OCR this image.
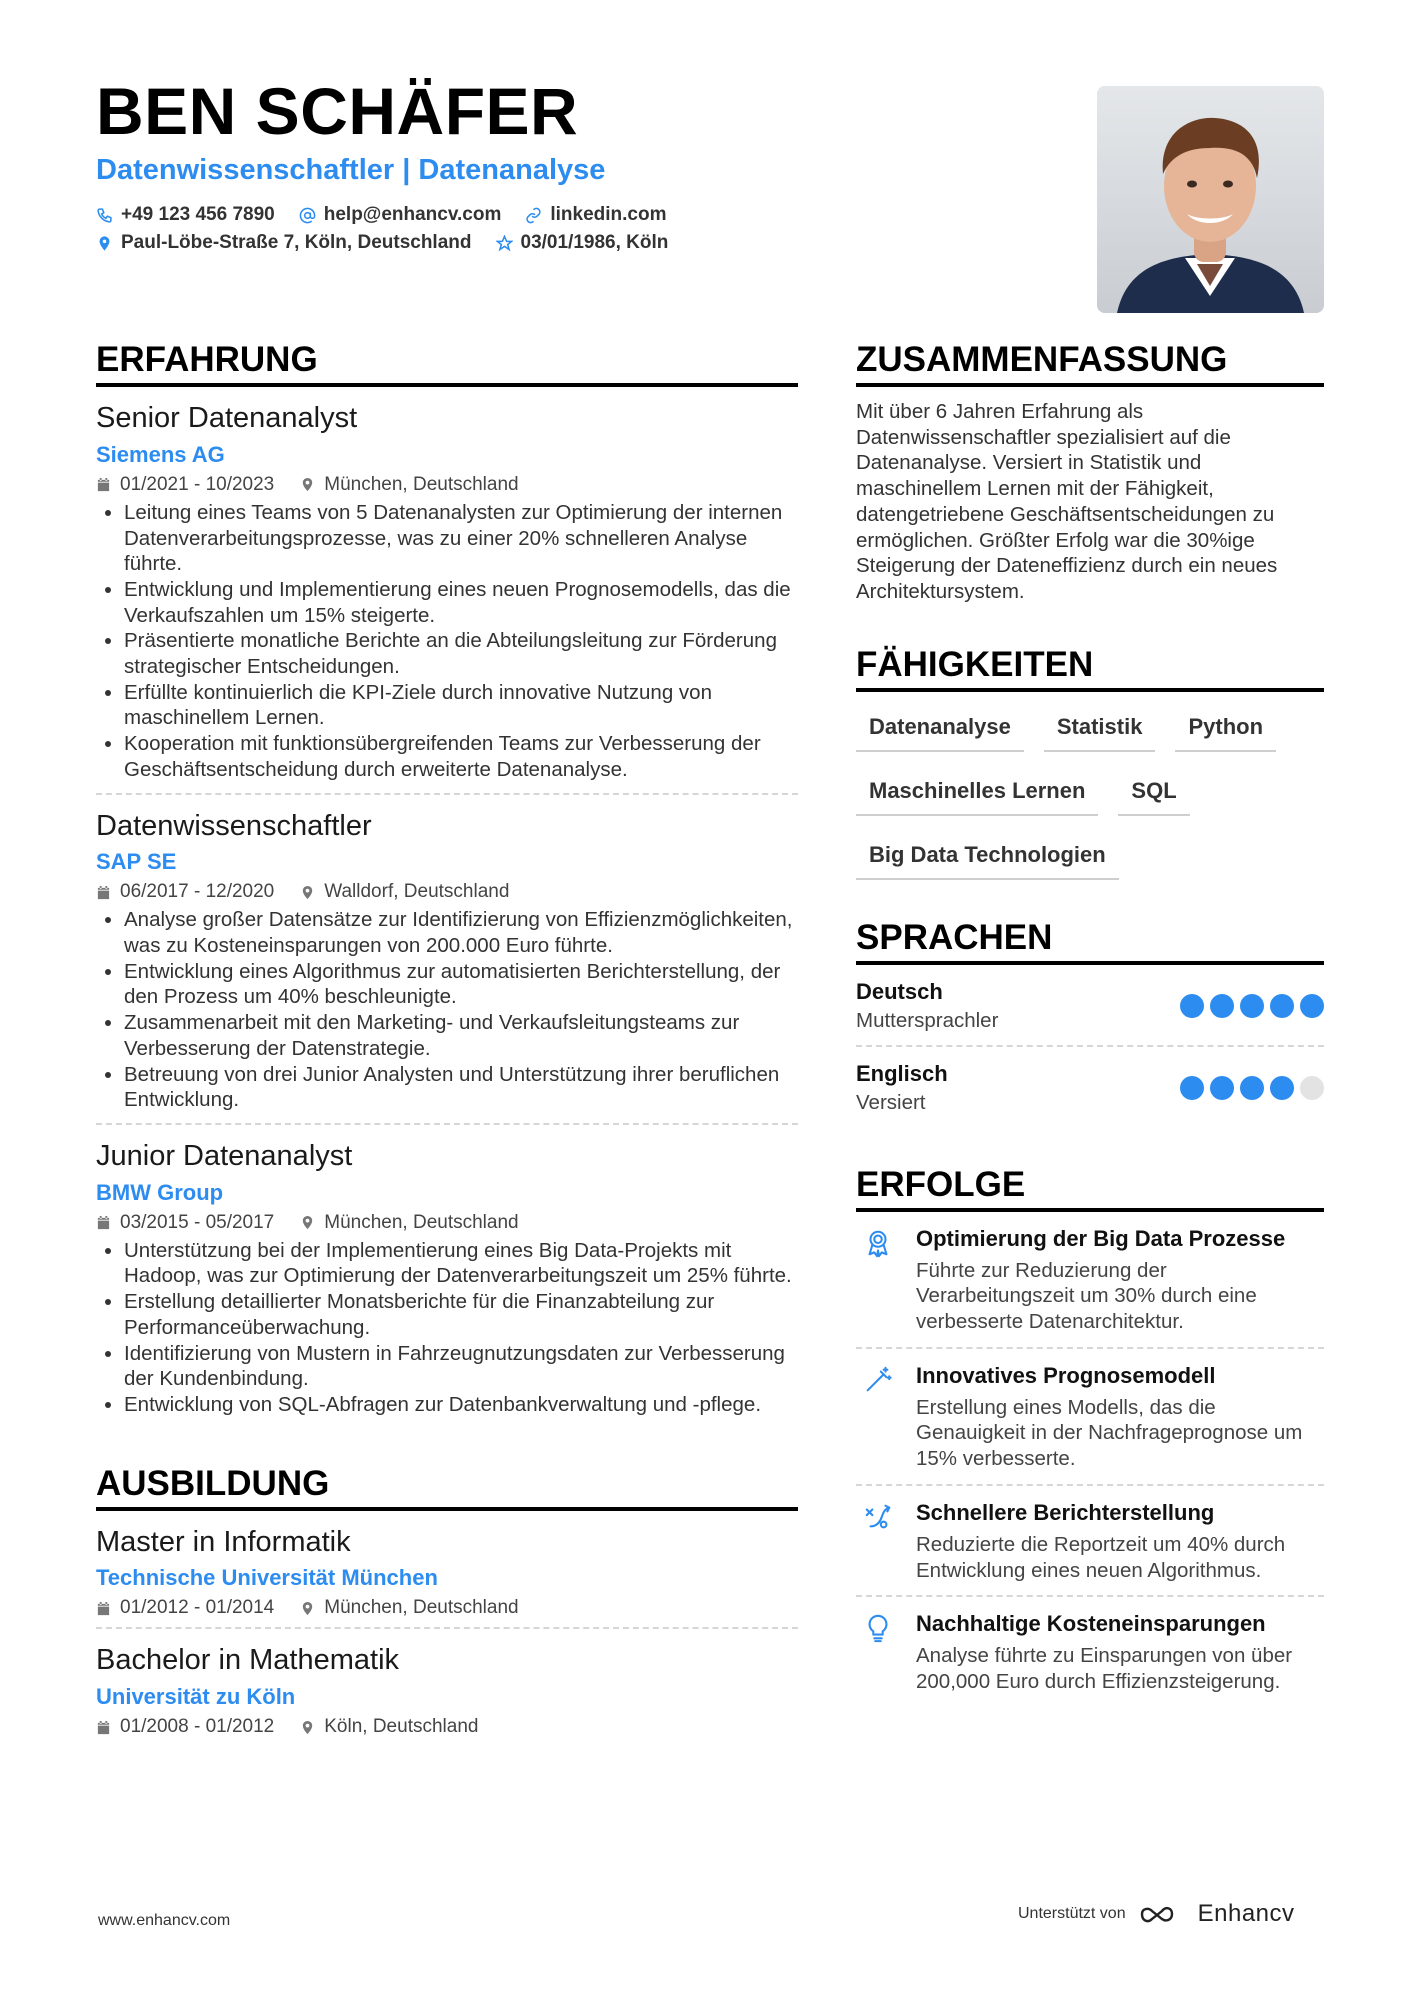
BEN SCHÄFER
Datenwissenschaftler | Datenanalyse
+49 123 456 7890	help@enhancv.com	linkedin.com
Paul-Löbe-Straße 7, Köln, Deutschland	03/01/1986, Köln
ERFAHRUNG
Senior Datenanalyst
Siemens AG
01/2021 - 10/2023	München, Deutschland
• Leitung eines Teams von 5 Datenanalysten zur Optimierung der internen Datenverarbeitungsprozesse, was zu einer 20% schnelleren Analyse führte.
• Entwicklung und Implementierung eines neuen Prognosemodells, das die Verkaufszahlen um 15% steigerte.
• Präsentierte monatliche Berichte an die Abteilungsleitung zur Förderung strategischer Entscheidungen.
• Erfüllte kontinuierlich die KPI-Ziele durch innovative Nutzung von maschinellem Lernen.
• Kooperation mit funktionsübergreifenden Teams zur Verbesserung der Geschäftsentscheidung durch erweiterte Datenanalyse.
Datenwissenschaftler
SAP SE
06/2017 - 12/2020	Walldorf, Deutschland
• Analyse großer Datensätze zur Identifizierung von Effizienzmöglichkeiten, was zu Kosteneinsparungen von 200.000 Euro führte.
• Entwicklung eines Algorithmus zur automatisierten Berichterstellung, der den Prozess um 40% beschleunigte.
• Zusammenarbeit mit den Marketing- und Verkaufsleitungsteams zur Verbesserung der Datenstrategie.
• Betreuung von drei Junior Analysten und Unterstützung ihrer beruflichen Entwicklung.
Junior Datenanalyst
BMW Group
03/2015 - 05/2017	München, Deutschland
• Unterstützung bei der Implementierung eines Big Data-Projekts mit Hadoop, was zur Optimierung der Datenverarbeitungszeit um 25% führte.
• Erstellung detaillierter Monatsberichte für die Finanzabteilung zur Performanceüberwachung.
• Identifizierung von Mustern in Fahrzeugnutzungsdaten zur Verbesserung der Kundenbindung.
• Entwicklung von SQL-Abfragen zur Datenbankverwaltung und -pflege.
AUSBILDUNG
Master in Informatik
Technische Universität München
01/2012 - 01/2014	München, Deutschland
Bachelor in Mathematik
Universität zu Köln
01/2008 - 01/2012	Köln, Deutschland
ZUSAMMENFASSUNG
Mit über 6 Jahren Erfahrung als Datenwissenschaftler spezialisiert auf die Datenanalyse. Versiert in Statistik und maschinellem Lernen mit der Fähigkeit, datengetriebene Geschäftsentscheidungen zu ermöglichen. Größter Erfolg war die 30%ige Steigerung der Dateneffizienz durch ein neues Architektursystem.
FÄHIGKEITEN
Datenanalyse	Statistik	Python
Maschinelles Lernen	SQL
Big Data Technologien
SPRACHEN
Deutsch
Muttersprachler
Englisch
Versiert
ERFOLGE
Optimierung der Big Data Prozesse
Führte zur Reduzierung der Verarbeitungszeit um 30% durch eine verbesserte Datenarchitektur.
Innovatives Prognosemodell
Erstellung eines Modells, das die Genauigkeit in der Nachfrageprognose um 15% verbesserte.
Schnellere Berichterstellung
Reduzierte die Reportzeit um 40% durch Entwicklung eines neuen Algorithmus.
Nachhaltige Kosteneinsparungen
Analyse führte zu Einsparungen von über 200,000 Euro durch Effizienzsteigerung.
www.enhancv.com	Unterstützt von	Enhancv
